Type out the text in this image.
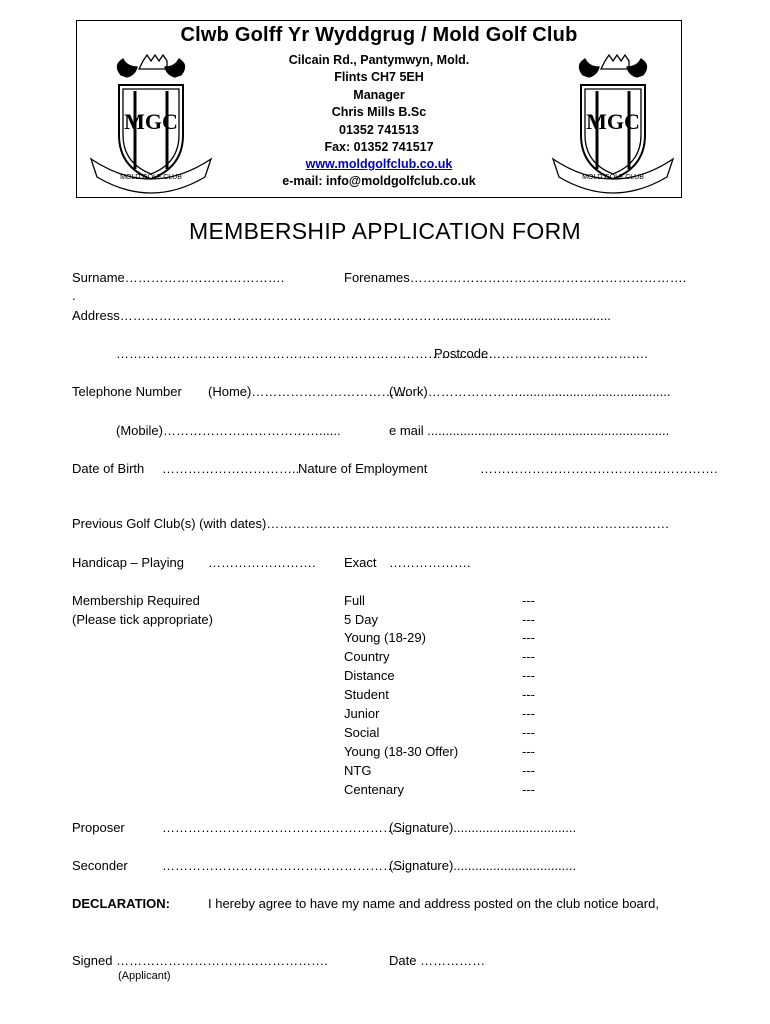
Clwb Golff Yr Wyddgrug / Mold Golf Club
Cilcain Rd., Pantymwyn, Mold.
Flints CH7 5EH
Manager
Chris Mills B.Sc
01352 741513
Fax: 01352 741517
www.moldgolfclub.co.uk
e-mail: info@moldgolfclub.co.uk
MGC
MOLD GOLF CLUB
MGC
MOLD GOLF CLUB
MEMBERSHIP APPLICATION FORM
Surname……………………………….	Forenames……………………………………………………….
.
Address…………………………………………………………………..............................................
……………………………………………………………………………
Postcode……………………………….
Telephone Number (Home)……………………………....
(Work)…………………..........................................
(Mobile)………………………………......	e mail ...................................................................
Date of Birth …………………………..
Nature of Employment	……………………………………………….
Previous Golf Club(s) (with dates)…………………………………………………………………………………
Handicap – Playing ……………………. Exact ……………….
Membership Required
(Please tick appropriate)
Full	---
5 Day	---
Young (18-29)	---
Country	---
Distance	---
Student	---
Junior	---
Social	---
Young (18-30 Offer)	---
NTG	---
Centenary	---
Proposer	…………………………………………………
(Signature)..................................
Seconder	…………………………………………………
(Signature)..................................
DECLARATION:	I hereby agree to have my name and address posted on the club notice board,
Signed ………………………………………….
(Applicant)
Date ……………
